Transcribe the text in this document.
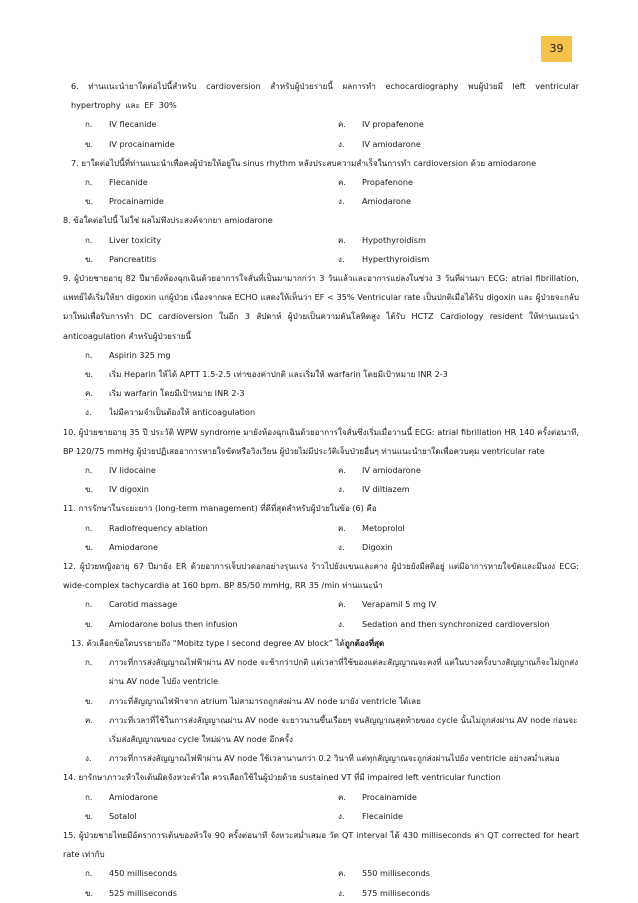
39
6. ท่านแนะนำยาใดต่อไปนี้สำหรับ cardioversion สำหรับผู้ป่วยรายนี้ ผลการทำ echocardiography พบผู้ป่วยมี left ventricular hypertrophy และ EF 30%
ก.	IV flecanide	ค.	IV propafenone
ข.	IV procainamide	ง.	IV amiodarone
7. ยาใดต่อไปนี้ที่ท่านแนะนำเพื่อคงผู้ป่วยให้อยู่ใน sinus rhythm หลังประสบความสำเร็จในการทำ cardioversion ด้วย amiodarone
ก.	Flecanide	ค.	Propafenone
ข.	Procainamide	ง.	Amiodarone
8. ข้อใดต่อไปนี้ ไม่ใช่ ผลไม่พึงประสงค์จากยา amiodarone
ก.	Liver toxicity	ค.	Hypothyroidism
ข.	Pancreatitis	ง.	Hyperthyroidism
9. ผู้ป่วยชายอายุ 82 ปีมายังห้องฉุกเฉินด้วยอาการใจสั่นที่เป็นมามากกว่า 3 วันแล้วและอาการแย่ลงในช่วง 3 วันที่ผ่านมา ECG: atrial fibrillation, แพทย์ได้เริ่มให้ยา digoxin แก่ผู้ป่วย เนื่องจากผล ECHO แสดงให้เห็นว่า EF < 35% Ventricular rate เป็นปกติเมื่อได้รับ digoxin และ ผู้ป่วยจะกลับมาใหม่เพื่อรับการทำ DC cardioversion ในอีก 3 สัปดาห์ ผู้ป่วยเป็นความดันโลหิตสูง ได้รับ HCTZ Cardiology resident ให้ท่านแนะนำ anticoagulation สำหรับผู้ป่วยรายนี้
ก.	Aspirin 325 mg
ข.	เริ่ม Heparin ให้ได้ APTT 1.5-2.5 เท่าของค่าปกติ และเริ่มให้ warfarin โดยมีเป้าหมาย INR 2-3
ค.	เริ่ม warfarin โดยมีเป้าหมาย INR 2-3
ง.	ไม่มีความจำเป็นต้องให้ anticoagulation
10. ผู้ป่วยชายอายุ 35 ปี ประวัติ WPW syndrome มายังห้องฉุกเฉินด้วยอาการใจสั่นซึ่งเริ่มเมื่อวานนี้ ECG: atrial fibrillation HR 140 ครั้งต่อนาที, BP 120/75 mmHg ผู้ป่วยปฏิเสธอาการหายใจขัดหรือวิงเวียน ผู้ป่วยไม่มีประวัติเจ็บป่วยอื่นๆ ท่านแนะนำยาใดเพื่อควบคุม ventricular rate
ก.	IV lidocaine	ค.	IV amiodarone
ข.	IV digoxin	ง.	IV diltiazem
11. การรักษาในระยะยาว (long-term management) ที่ดีที่สุดสำหรับผู้ป่วยในข้อ (6) คือ
ก.	Radiofrequency ablation	ค.	Metoprolol
ข.	Amiodarone	ง.	Digoxin
12. ผู้ป่วยหญิงอายุ 67 ปีมายัง ER ด้วยอาการเจ็บปวดอกอย่างรุนแรง ร้าวไปยังแขนและคาง ผู้ป่วยยังมีสติอยู่ แต่มีอาการหายใจขัดและมึนงง ECG: wide-complex tachycardia at 160 bpm. BP 85/50 mmHg, RR 35 /min ท่านแนะนำ
ก.	Carotid massage	ค.	Verapamil 5 mg IV
ข.	Amiodarone bolus then infusion	ง.	Sedation and then synchronized cardioversion
13. ตัวเลือกข้อใดบรรยายถึง “Mobitz type I second degree AV block” ได้ถูกต้องที่สุด
ก.	ภาวะที่การส่งสัญญาณไฟฟ้าผ่าน AV node จะช้ากว่าปกติ แต่เวลาที่ใช้ของแต่ละสัญญาณจะคงที่ แต่ในบางครั้งบางสัญญาณก็จะไม่ถูกส่งผ่าน AV node ไปยัง ventricle
ข.	ภาวะที่สัญญาณไฟฟ้าจาก atrium ไม่สามารถถูกส่งผ่าน AV node มายัง ventricle ได้เลย
ค.	ภาวะที่เวลาที่ใช้ในการส่งสัญญาณผ่าน AV node จะยาวนานขึ้นเรื่อยๆ จนสัญญาณสุดท้ายของ cycle นั้นไม่ถูกส่งผ่าน AV node ก่อนจะเริ่มส่งสัญญาณของ cycle ใหม่ผ่าน AV node อีกครั้ง
ง.	ภาวะที่การส่งสัญญาณไฟฟ้าผ่าน AV node ใช้เวลานานกว่า 0.2 วินาที แต่ทุกสัญญาณจะถูกส่งผ่านไปยัง ventricle อย่างสม่ำเสมอ
14. ยารักษาภาวะหัวใจเต้นผิดจังหวะตัวใด ควรเลือกใช้ในผู้ป่วยด้วย sustained VT ที่มี impaired left ventricular function
ก.	Amiodarone	ค.	Procainamide
ข.	Sotalol	ง.	Flecainide
15. ผู้ป่วยชายไทยมีอัตราการเต้นของหัวใจ 90 ครั้งต่อนาที จังหวะสม่ำเสมอ วัด QT interval ได้ 430 milliseconds ค่า QT corrected for heart rate เท่ากับ
ก.	450 milliseconds	ค.	550 milliseconds
ข.	525 milliseconds	ง.	575 milliseconds
